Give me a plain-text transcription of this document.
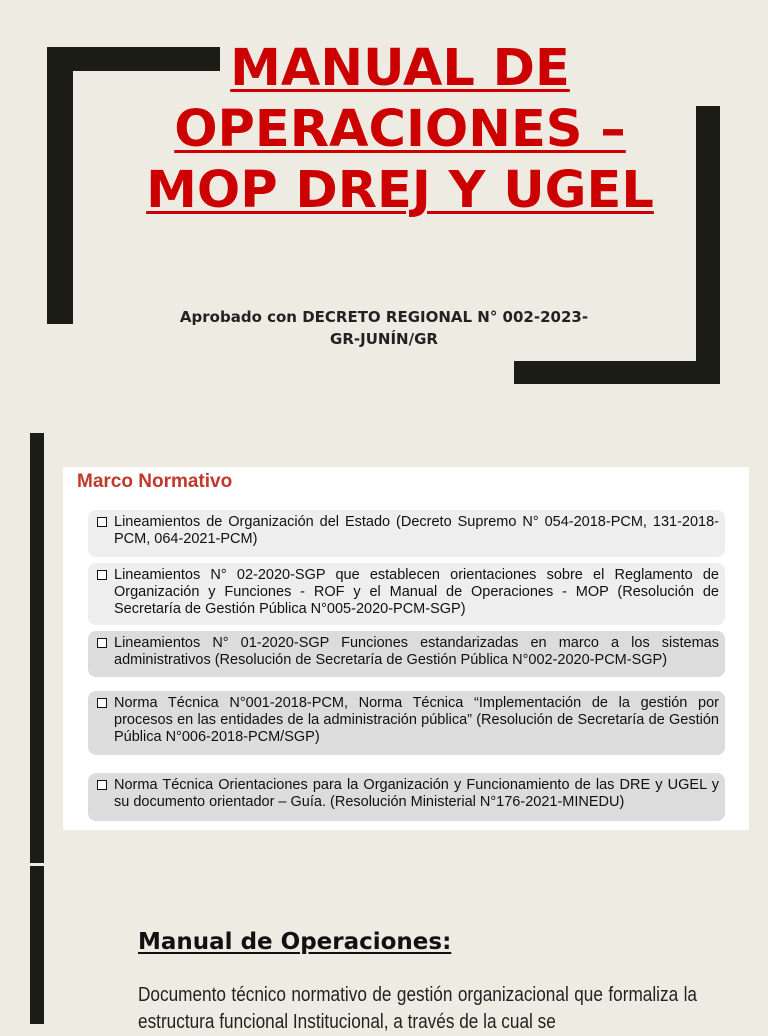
MANUAL DE OPERACIONES – MOP DREJ Y UGEL

Aprobado con DECRETO REGIONAL N° 002-2023-GR-JUNÍN/GR

Marco Normativo
Lineamientos de Organización del Estado (Decreto Supremo N° 054-2018-PCM, 131-2018-PCM, 064-2021-PCM)
Lineamientos N° 02-2020-SGP que establecen orientaciones sobre el Reglamento de Organización y Funciones - ROF y el Manual de Operaciones - MOP (Resolución de Secretaría de Gestión Pública N°005-2020-PCM-SGP)
Lineamientos N° 01-2020-SGP Funciones estandarizadas en marco a los sistemas administrativos (Resolución de Secretaría de Gestión Pública N°002-2020-PCM-SGP)
Norma Técnica N°001-2018-PCM, Norma Técnica “Implementación de la gestión por procesos en las entidades de la administración pública” (Resolución de Secretaría de Gestión Pública N°006-2018-PCM/SGP)
Norma Técnica Orientaciones para la Organización y Funcionamiento de las DRE y UGEL y su documento orientador – Guía. (Resolución Ministerial N°176-2021-MINEDU)
Manual de Operaciones:

Documento técnico normativo de gestión organizacional que formaliza la estructura funcional Institucional, a través de la cual se
